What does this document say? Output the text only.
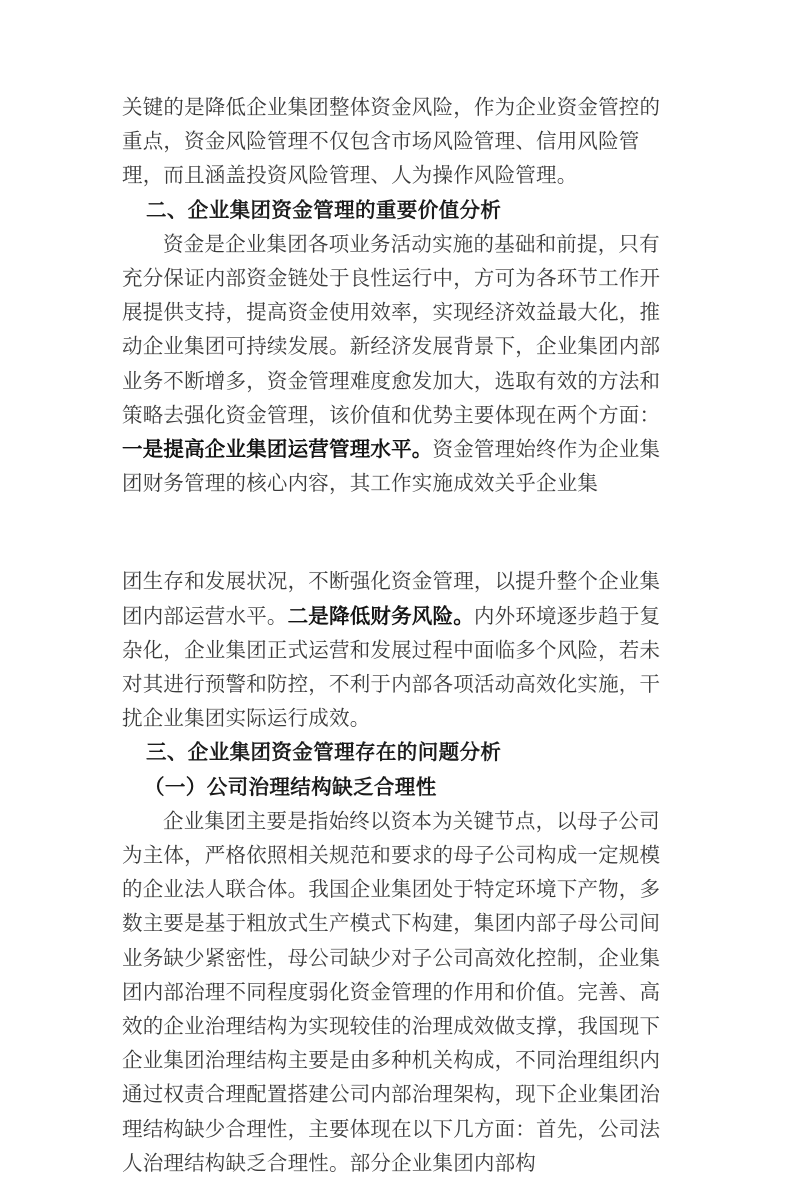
关键的是降低企业集团整体资金风险，作为企业资金管控的重点，资金风险管理不仅包含市场风险管理、信用风险管理，而且涵盖投资风险管理、人为操作风险管理。

二、企业集团资金管理的重要价值分析

资金是企业集团各项业务活动实施的基础和前提，只有充分保证内部资金链处于良性运行中，方可为各环节工作开展提供支持，提高资金使用效率，实现经济效益最大化，推动企业集团可持续发展。新经济发展背景下，企业集团内部业务不断增多，资金管理难度愈发加大，选取有效的方法和策略去强化资金管理，该价值和优势主要体现在两个方面：一是提高企业集团运营管理水平。资金管理始终作为企业集团财务管理的核心内容，其工作实施成效关乎企业集

团生存和发展状况，不断强化资金管理，以提升整个企业集团内部运营水平。二是降低财务风险。内外环境逐步趋于复杂化，企业集团正式运营和发展过程中面临多个风险，若未对其进行预警和防控，不利于内部各项活动高效化实施，干扰企业集团实际运行成效。

三、企业集团资金管理存在的问题分析
（一）公司治理结构缺乏合理性

企业集团主要是指始终以资本为关键节点，以母子公司为主体，严格依照相关规范和要求的母子公司构成一定规模的企业法人联合体。我国企业集团处于特定环境下产物，多数主要是基于粗放式生产模式下构建，集团内部子母公司间业务缺少紧密性，母公司缺少对子公司高效化控制，企业集团内部治理不同程度弱化资金管理的作用和价值。完善、高效的企业治理结构为实现较佳的治理成效做支撑，我国现下企业集团治理结构主要是由多种机关构成，不同治理组织内通过权责合理配置搭建公司内部治理架构，现下企业集团治理结构缺少合理性，主要体现在以下几方面：首先，公司法人治理结构缺乏合理性。部分企业集团内部构
